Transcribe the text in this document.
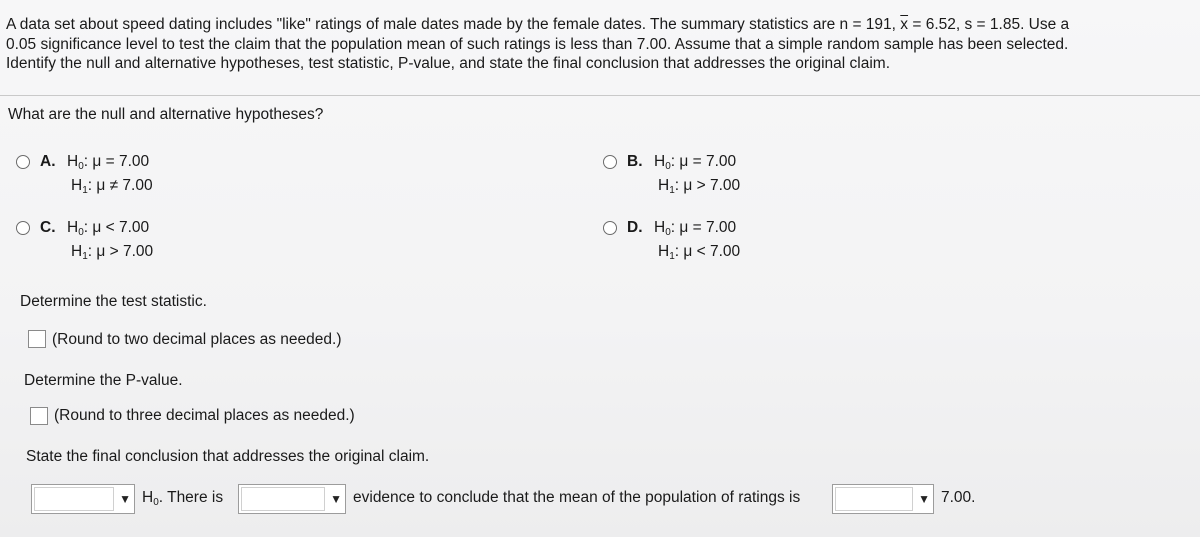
A data set about speed dating includes "like" ratings of male dates made by the female dates. The summary statistics are n = 191, $\overline{x} = 6.52$, s = 1.85. Use a
0.05 significance level to test the claim that the population mean of such ratings is less than 7.00. Assume that a simple random sample has been selected.
Identify the null and alternative hypotheses, test statistic, P-value, and state the final conclusion that addresses the original claim.
What are the null and alternative hypotheses?
A. $H_0$: μ = 7.00
$H_1$: μ ≠ 7.00
B. $H_0$: μ = 7.00
$H_1$: μ > 7.00
C. $H_0$: μ < 7.00
$H_1$: μ > 7.00
D. $H_0$: μ = 7.00
$H_1$: μ < 7.00
Determine the test statistic.
(Round to two decimal places as needed.)
Determine the P-value.
(Round to three decimal places as needed.)
State the final conclusion that addresses the original claim.
▼ $H_0$. There is	▼ evidence to conclude that the mean of the population of ratings is	▼ 7.00.
